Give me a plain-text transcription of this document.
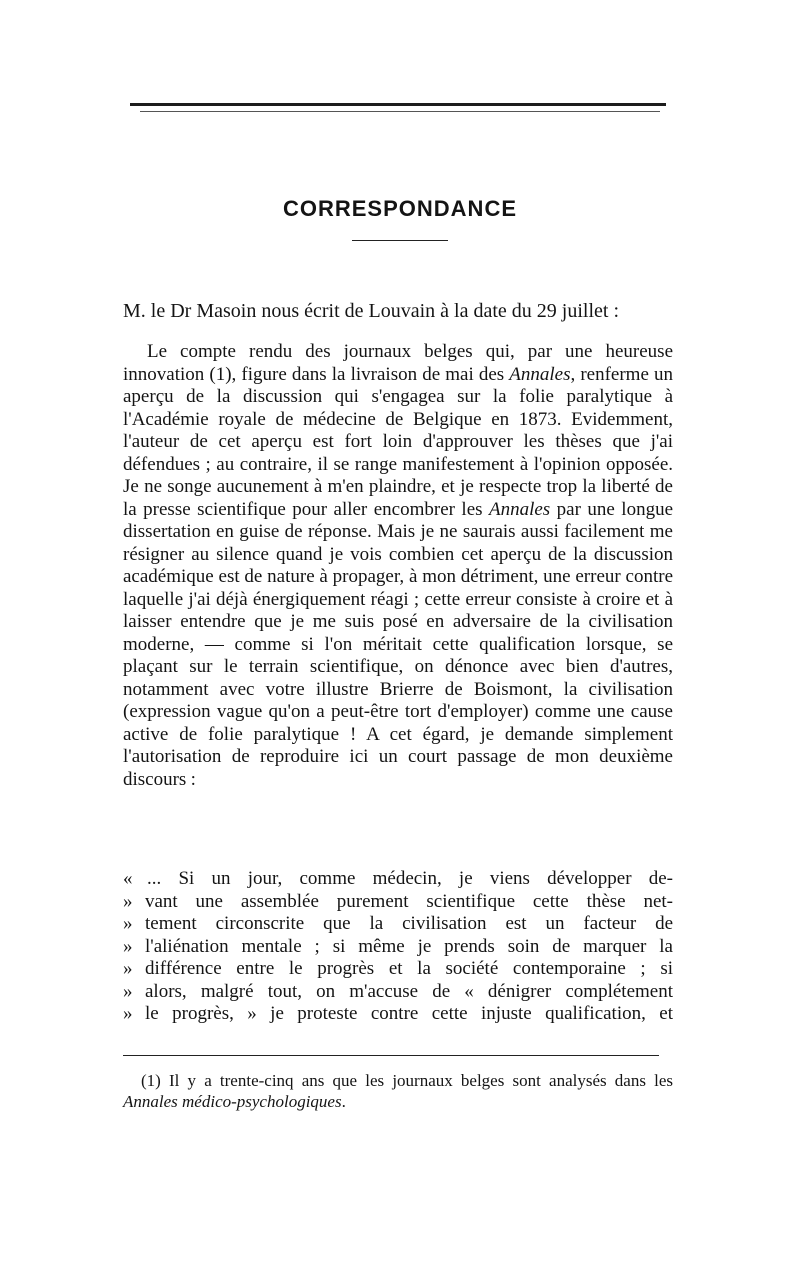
CORRESPONDANCE

M. le Dr Masoin nous écrit de Louvain à la date du 29 juillet :

Le compte rendu des journaux belges qui, par une heureuse innovation (1), figure dans la livraison de mai des Annales, renferme un aperçu de la discussion qui s'engagea sur la folie paralytique à l'Académie royale de médecine de Belgique en 1873. Evidemment, l'auteur de cet aperçu est fort loin d'approuver les thèses que j'ai défendues ; au contraire, il se range manifestement à l'opinion opposée. Je ne songe aucunement à m'en plaindre, et je respecte trop la liberté de la presse scientifique pour aller encombrer les Annales par une longue dissertation en guise de réponse. Mais je ne saurais aussi facilement me résigner au silence quand je vois combien cet aperçu de la discussion académique est de nature à propager, à mon détriment, une erreur contre laquelle j'ai déjà énergiquement réagi ; cette erreur consiste à croire et à laisser entendre que je me suis posé en adversaire de la civilisation moderne, — comme si l'on méritait cette qualification lorsque, se plaçant sur le terrain scientifique, on dénonce avec bien d'autres, notamment avec votre illustre Brierre de Boismont, la civilisation (expression vague qu'on a peut-être tort d'employer) comme une cause active de folie paralytique ! A cet égard, je demande simplement l'autorisation de reproduire ici un court passage de mon deuxième discours :

« ... Si un jour, comme médecin, je viens développer de-
» vant une assemblée purement scientifique cette thèse net-
» tement circonscrite que la civilisation est un facteur de
» l'aliénation mentale ; si même je prends soin de marquer la
» différence entre le progrès et la société contemporaine ; si
» alors, malgré tout, on m'accuse de « dénigrer complétement
» le progrès, » je proteste contre cette injuste qualification, et

(1) Il y a trente-cinq ans que les journaux belges sont analysés dans les Annales médico-psychologiques.
